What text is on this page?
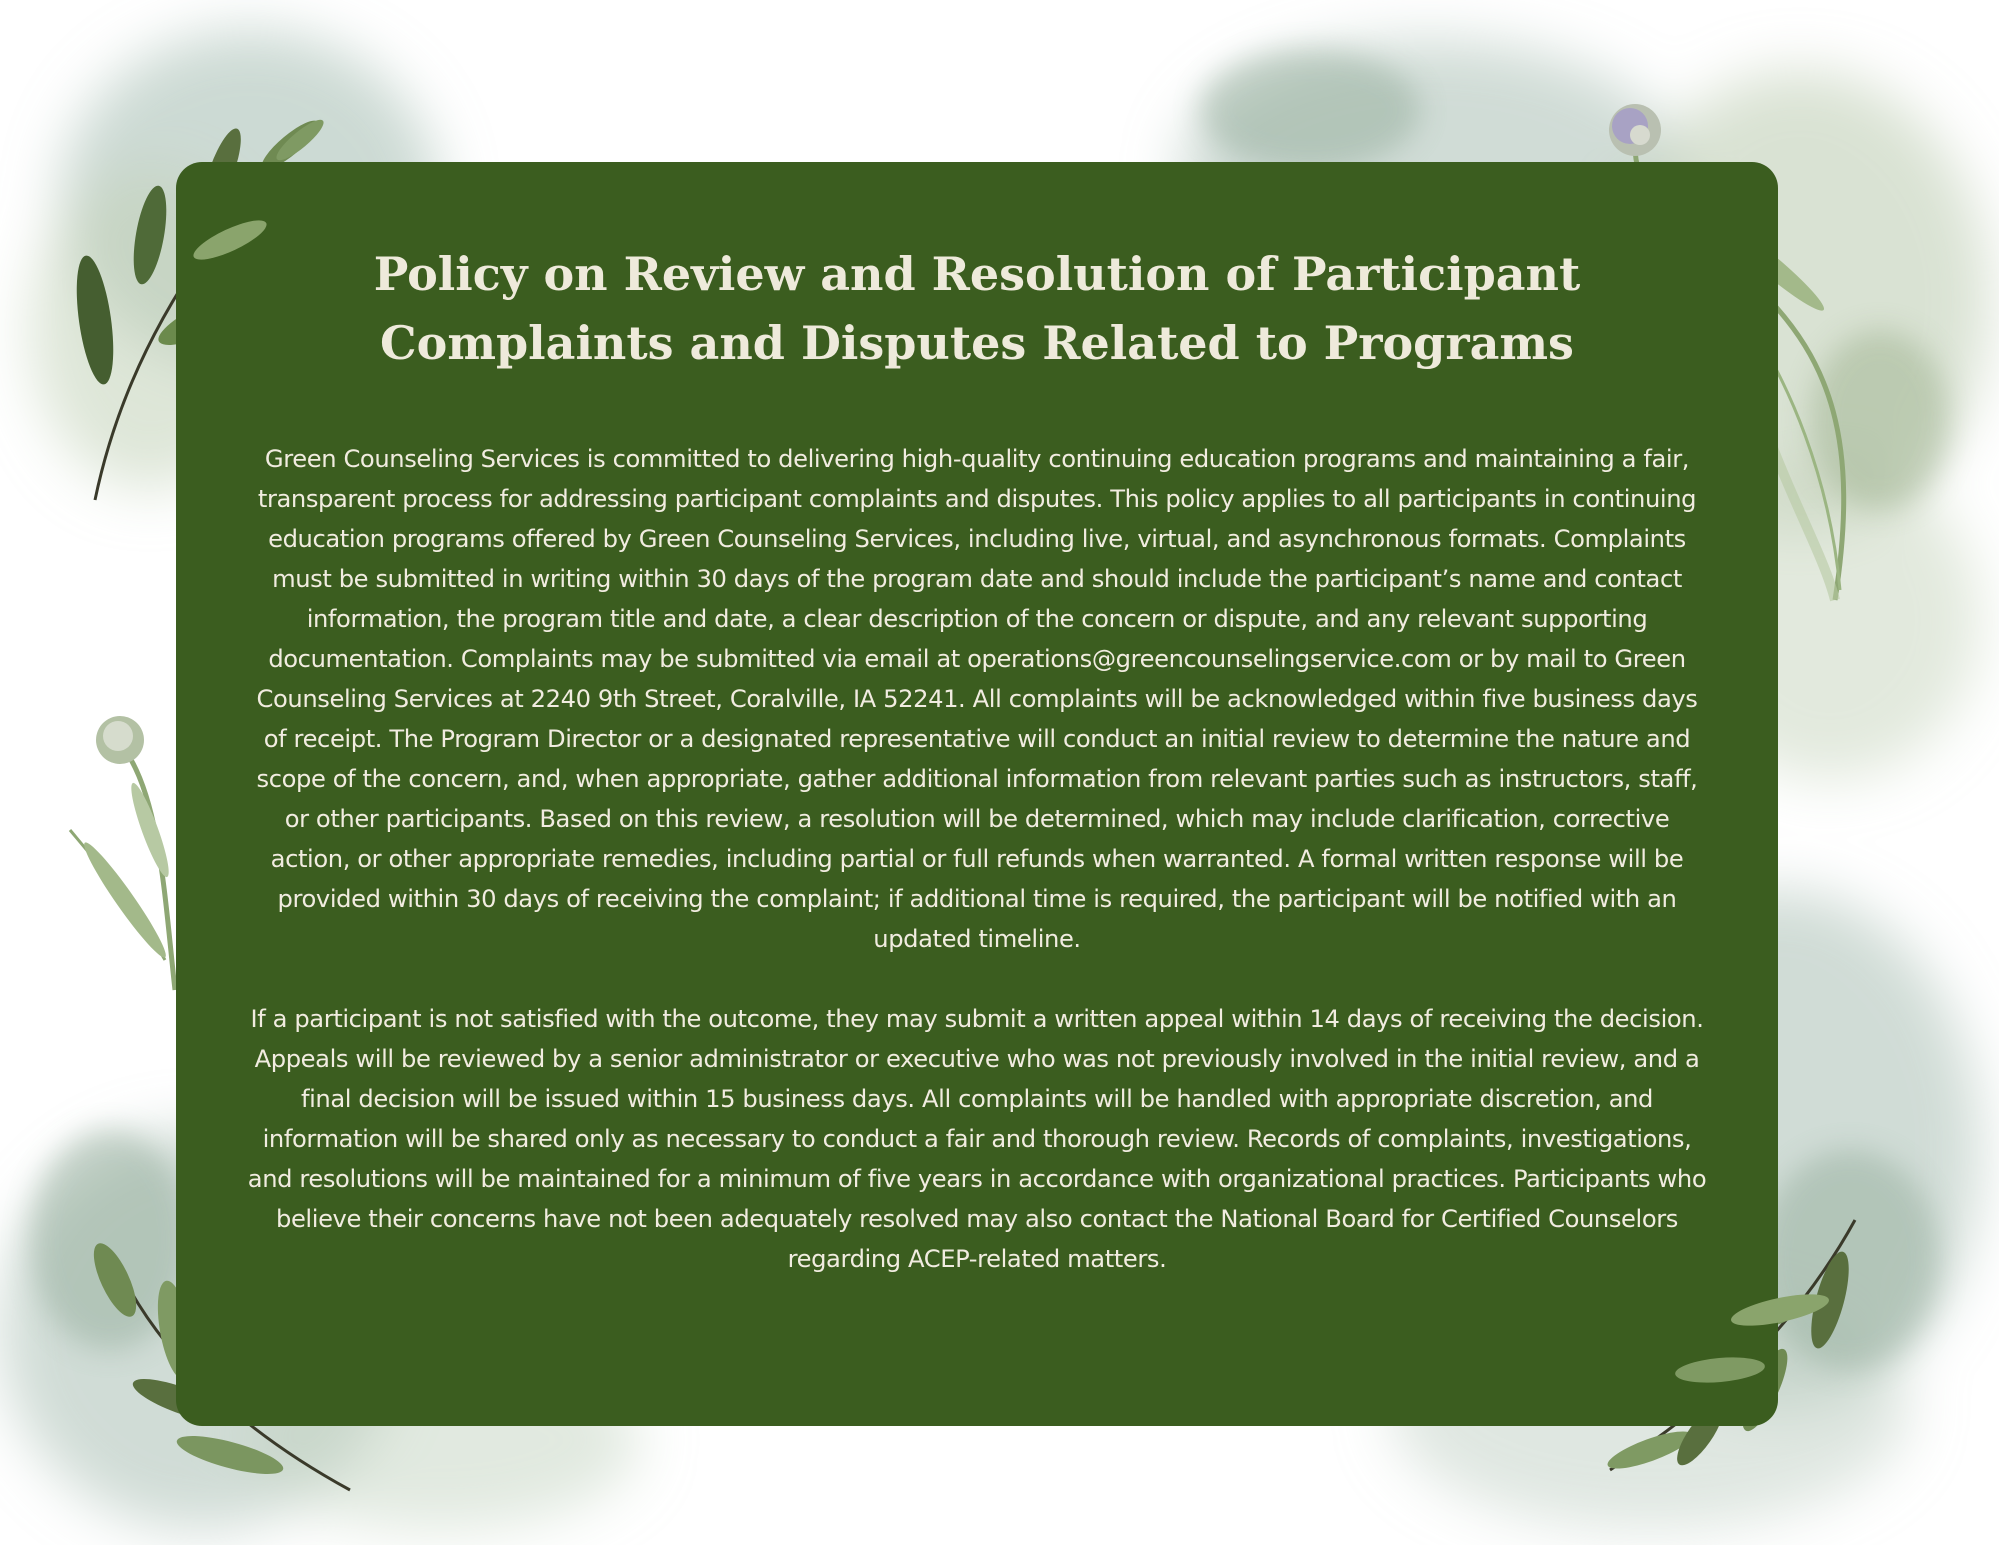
Policy on Review and Resolution of Participant
Complaints and Disputes Related to Programs

Green Counseling Services is committed to delivering high-quality continuing education programs and maintaining a fair, transparent process for addressing participant complaints and disputes. This policy applies to all participants in continuing education programs offered by Green Counseling Services, including live, virtual, and asynchronous formats. Complaints must be submitted in writing within 30 days of the program date and should include the participant’s name and contact information, the program title and date, a clear description of the concern or dispute, and any relevant supporting documentation. Complaints may be submitted via email at operations@greencounselingservice.com or by mail to Green Counseling Services at 2240 9th Street, Coralville, IA 52241. All complaints will be acknowledged within five business days of receipt. The Program Director or a designated representative will conduct an initial review to determine the nature and scope of the concern, and, when appropriate, gather additional information from relevant parties such as instructors, staff, or other participants. Based on this review, a resolution will be determined, which may include clarification, corrective action, or other appropriate remedies, including partial or full refunds when warranted. A formal written response will be provided within 30 days of receiving the complaint; if additional time is required, the participant will be notified with an updated timeline.

If a participant is not satisfied with the outcome, they may submit a written appeal within 14 days of receiving the decision. Appeals will be reviewed by a senior administrator or executive who was not previously involved in the initial review, and a final decision will be issued within 15 business days. All complaints will be handled with appropriate discretion, and information will be shared only as necessary to conduct a fair and thorough review. Records of complaints, investigations, and resolutions will be maintained for a minimum of five years in accordance with organizational practices. Participants who believe their concerns have not been adequately resolved may also contact the National Board for Certified Counselors regarding ACEP-related matters.
